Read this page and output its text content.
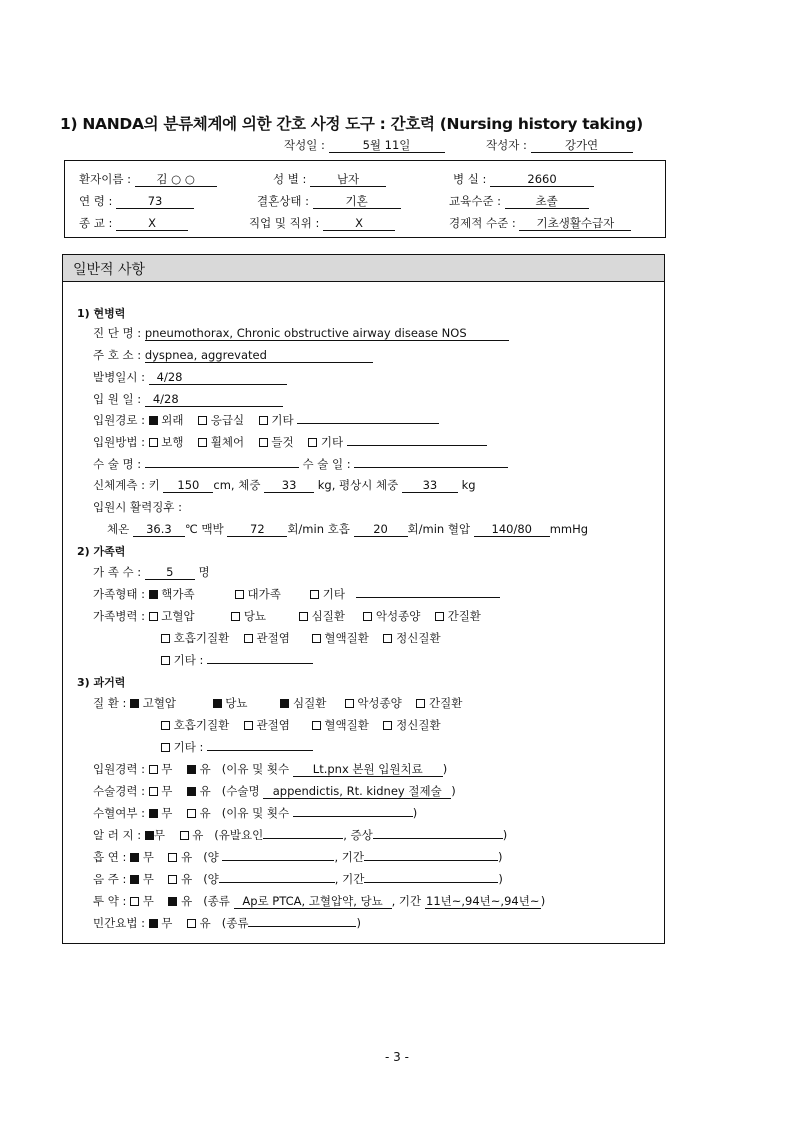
1) NANDA의 분류체계에 의한 간호 사정 도구 : 간호력 (Nursing history taking)
작성일 :	5월 11일	작성자 :	강가연
환자이름 : 김 ○ ○	성 별 :	남자	병 실 :	2660
연 령 :	73	결혼상태 :	기혼	교육수준 :	초졸
종 교 :	X	직업 및 직위 :	X	경제적 수준 : 기초생활수급자
일반적 사항
1) 현병력
진 단 명 : pneumothorax, Chronic obstructive airway disease NOS
주 호 소 : dyspnea, aggrevated
발병일시 : 4/28
입 원 일 : 4/28
입원경로 : 외래 응급실 기타
입원방법 : 보행 휠체어 들것 기타
수 술 명 :	수 술 일 :
신체계측 : 키 150 cm, 체중 33 kg, 평상시 체중 33 kg
입원시 활력징후 :
체온 36.3 ℃ 맥박 72 회/min 호흡 20 회/min 혈압 140/80 mmHg
2) 가족력
가 족 수 : 5 명
가족형태 : 핵가족	대가족	기타
가족병력 : 고혈압	당뇨	심질환	악성종양 간질환
호흡기질환 관절염	혈액질환 정신질환
기타 :
3) 과거력
질 환 : 고혈압	당뇨	심질환	악성종양 간질환
호흡기질환 관절염	혈액질환 정신질환
기타 :
입원경력 : 무 유 (이유 및 횟수 Lt.pnx 본원 입원치료 )
수술경력 : 무 유 (수술명 appendictis, Rt. kidney 절제술 )
수혈여부 : 무 유 (이유 및 횟수	)
알 러 지 : 무 유 (유발요인	, 증상	)
흡 연 : 무 유 (양	, 기간	)
음 주 : 무 유 (양	, 기간	)
투 약 : 무 유 (종류 Ap로 PTCA, 고혈압약, 당뇨 , 기간 11년~,94년~,94년~)
민간요법 : 무 유 (종류	)
- 3 -
